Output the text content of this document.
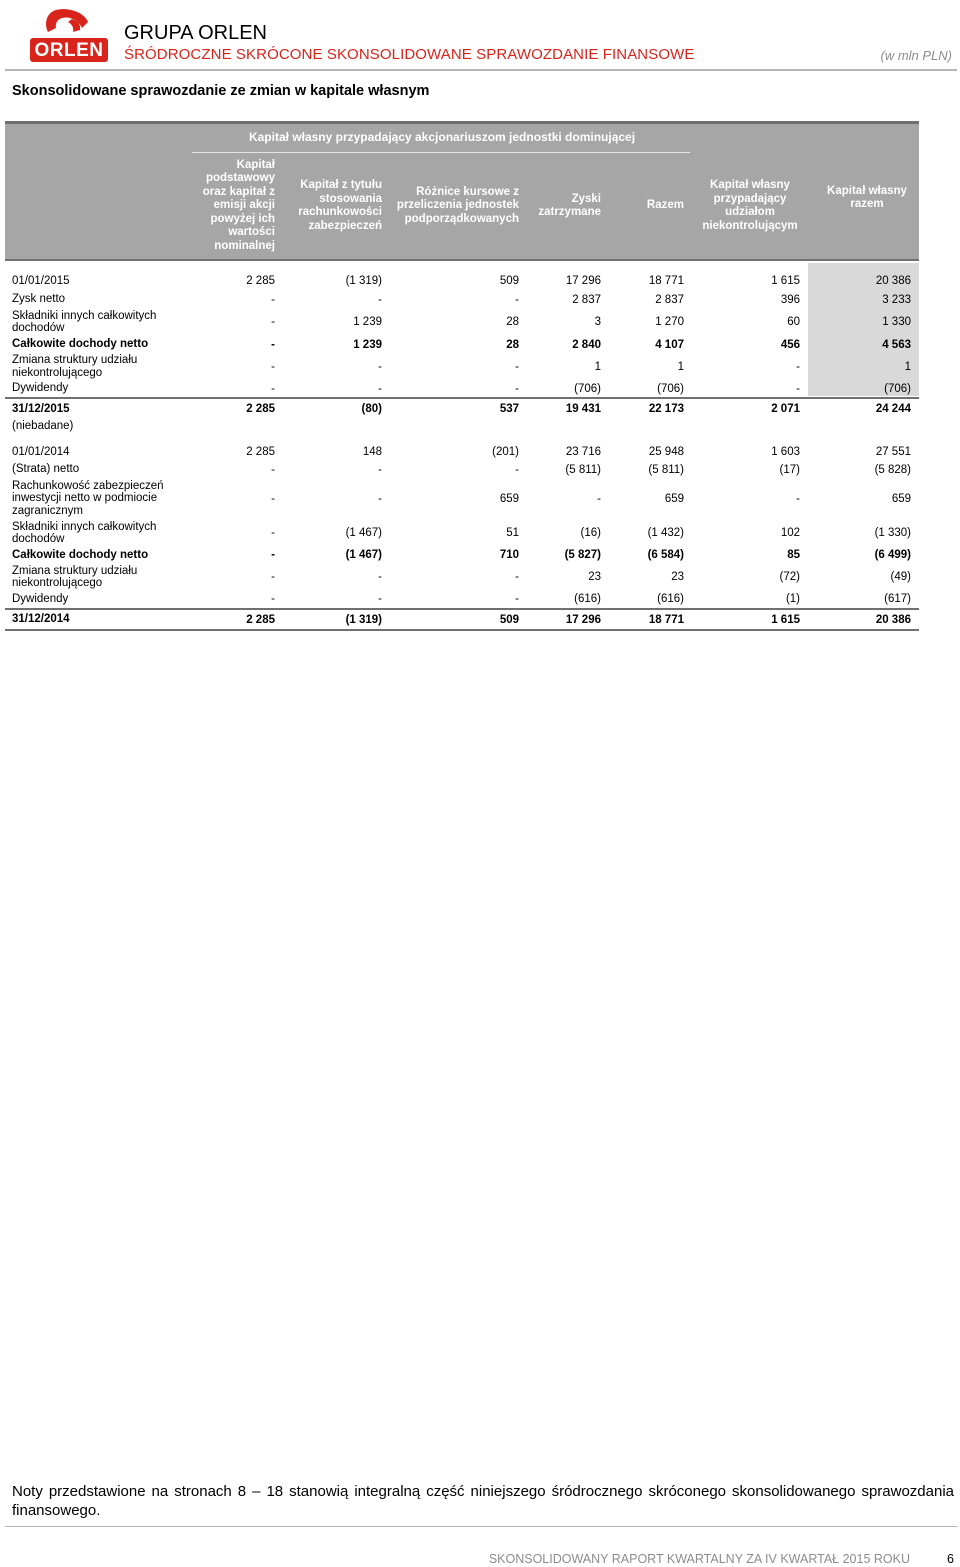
ORLEN
GRUPA ORLEN
ŚRÓDROCZNE SKRÓCONE SKONSOLIDOWANE SPRAWOZDANIE FINANSOWE	(w mln PLN)
Skonsolidowane sprawozdanie ze zmian w kapitale własnym
Kapitał własny przypadający akcjonariuszom jednostki dominującej
Kapitał podstawowy oraz kapitał z emisji akcji powyżej ich wartości nominalnej
Kapitał z tytułu stosowania rachunkowości zabezpieczeń
Różnice kursowe z przeliczenia jednostek podporządkowanych
Zyski zatrzymane
Razem
Kapitał własny przypadający udziałom niekontrolującym
Kapitał własny razem
01/01/2015	2 285	(1 319)	509	17 296	18 771	1 615	20 386
Zysk netto	-	-	-	2 837	2 837	396	3 233
Składniki innych całkowitych dochodów	-	1 239	28	3	1 270	60	1 330
Całkowite dochody netto	-	1 239	28	2 840	4 107	456	4 563
Zmiana struktury udziału niekontrolującego	-	-	-	1	1	-	1
Dywidendy	-	-	-	(706)	(706)	-	(706)
31/12/2015	2 285	(80)	537	19 431	22 173	2 071	24 244
(niebadane)
01/01/2014	2 285	148	(201)	23 716	25 948	1 603	27 551
(Strata) netto	-	-	-	(5 811)	(5 811)	(17)	(5 828)
Rachunkowość zabezpieczeń inwestycji netto w podmiocie zagranicznym
-	-	659	-	659	-	659
Składniki innych całkowitych dochodów	-	(1 467)	51	(16)	(1 432)	102	(1 330)
Całkowite dochody netto	-	(1 467)	710	(5 827)	(6 584)	85	(6 499)
Zmiana struktury udziału niekontrolującego	-	-	-	23	23	(72)	(49)
Dywidendy	-	-	-	(616)	(616)	(1)	(617)
31/12/2014	2 285	(1 319)	509	17 296	18 771	1 615	20 386
Noty przedstawione na stronach 8 – 18 stanowią integralną część niniejszego śródrocznego skróconego skonsolidowanego sprawozdania finansowego.
SKONSOLIDOWANY RAPORT KWARTALNY ZA IV KWARTAŁ 2015 ROKU	6
